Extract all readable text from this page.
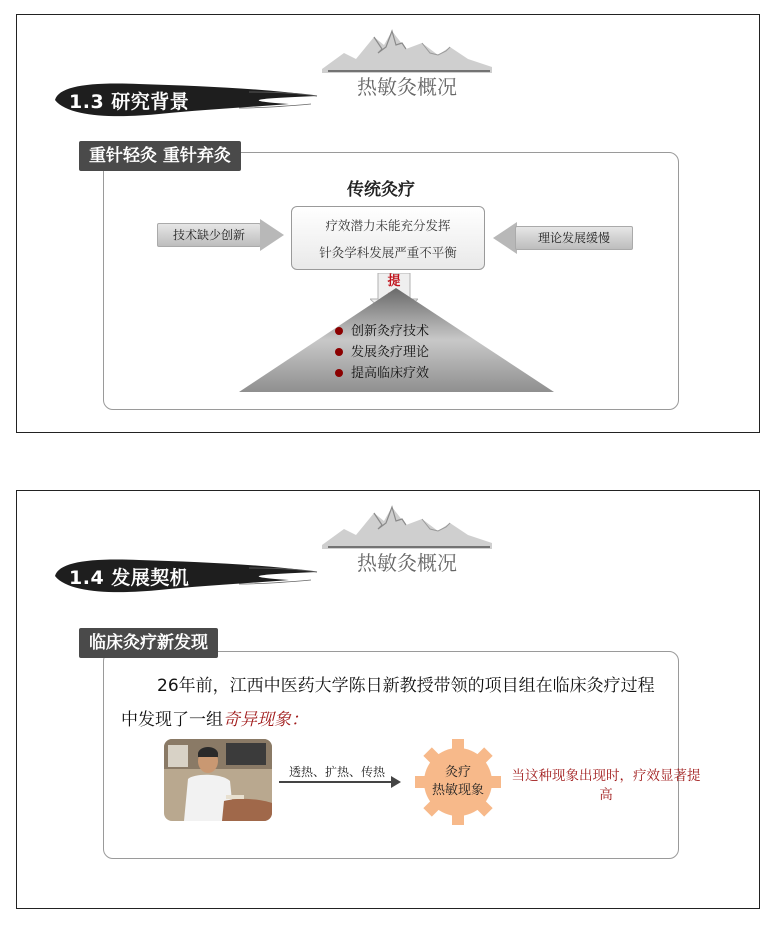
热敏灸概况
1.3 研究背景
重针轻灸 重针弃灸
传统灸疗
技术缺少创新	理论发展缓慢
疗效潜力未能充分发挥
针灸学科发展严重不平衡
提
创新灸疗技术
发展灸疗理论
提高临床疗效
热敏灸概况
1.4 发展契机
临床灸疗新发现
26年前，江西中医药大学陈日新教授带领的项目组在临床灸疗过程
中发现了一组奇异现象：
透热、扩热、传热	灸疗
热敏现象
当这种现象出现时，疗效显著提高
